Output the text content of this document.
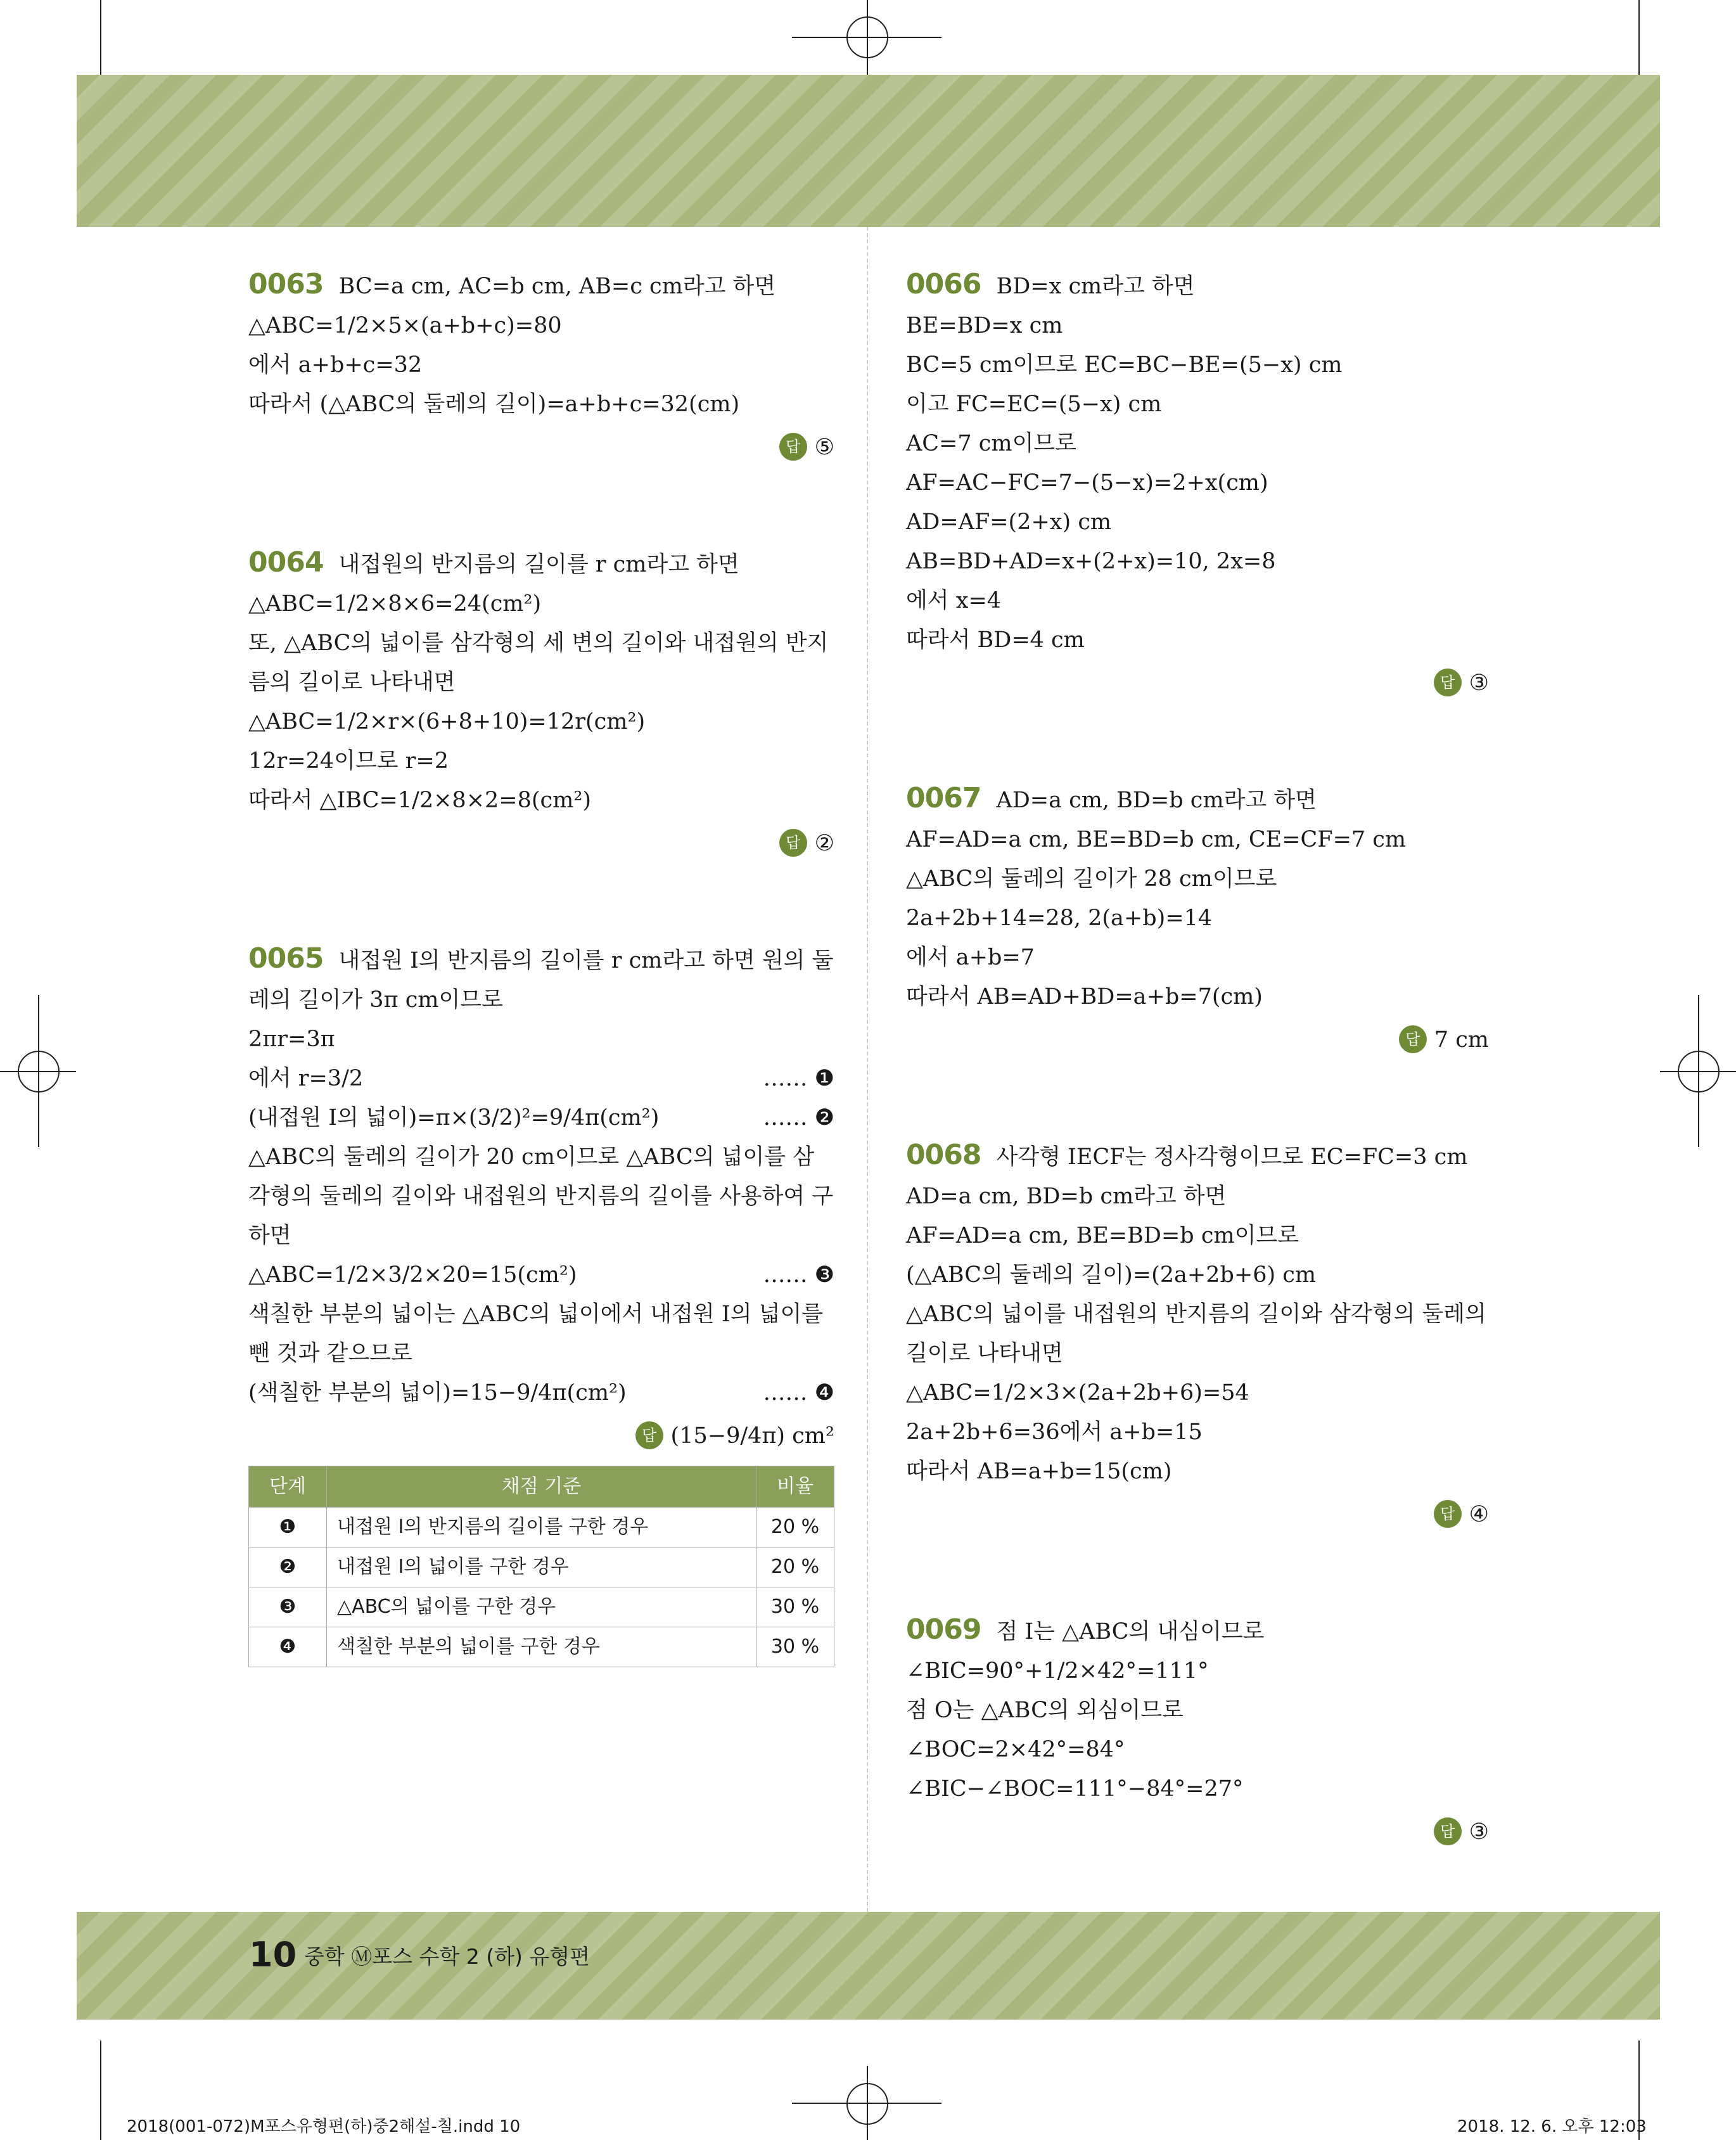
10 중학 Ⓜ포스 수학 2 (하) 유형편
2018(001-072)M포스유형편(하)중2해설-칠.indd 10	2018. 12. 6. 오후 12:03
0063 BC=a cm, AC=b cm, AB=c cm라고 하면
△ABC=1/2×5×(a+b+c)=80
에서 a+b+c=32
따라서 (△ABC의 둘레의 길이)=a+b+c=32(cm)
답 ⑤
0064 내접원의 반지름의 길이를 r cm라고 하면
△ABC=1/2×8×6=24(cm²)
또, △ABC의 넓이를 삼각형의 세 변의 길이와 내접원의 반지
름의 길이로 나타내면
△ABC=1/2×r×(6+8+10)=12r(cm²)
12r=24이므로 r=2
따라서 △IBC=1/2×8×2=8(cm²)
답 ②
0065 내접원 I의 반지름의 길이를 r cm라고 하면 원의 둘
레의 길이가 3π cm이므로
2πr=3π
에서 r=3/2	…… ❶
(내접원 I의 넓이)=π×(3/2)²=9/4π(cm²)	…… ❷
△ABC의 둘레의 길이가 20 cm이므로 △ABC의 넓이를 삼
각형의 둘레의 길이와 내접원의 반지름의 길이를 사용하여 구
하면
△ABC=1/2×3/2×20=15(cm²)	…… ❸
색칠한 부분의 넓이는 △ABC의 넓이에서 내접원 I의 넓이를
뺀 것과 같으므로
(색칠한 부분의 넓이)=15−9/4π(cm²)	…… ❹
답 (15−9/4π) cm²
단계	채점 기준	비율
❶	내접원 I의 반지름의 길이를 구한 경우	20 %
❷	내접원 I의 넓이를 구한 경우	20 %
❸	△ABC의 넓이를 구한 경우	30 %
❹	색칠한 부분의 넓이를 구한 경우	30 %
0066 BD=x cm라고 하면
BE=BD=x cm
BC=5 cm이므로 EC=BC−BE=(5−x) cm
이고 FC=EC=(5−x) cm
AC=7 cm이므로
AF=AC−FC=7−(5−x)=2+x(cm)
AD=AF=(2+x) cm
AB=BD+AD=x+(2+x)=10, 2x=8
에서 x=4
따라서 BD=4 cm
답 ③
0067 AD=a cm, BD=b cm라고 하면
AF=AD=a cm, BE=BD=b cm, CE=CF=7 cm
△ABC의 둘레의 길이가 28 cm이므로
2a+2b+14=28, 2(a+b)=14
에서 a+b=7
따라서 AB=AD+BD=a+b=7(cm)
답 7 cm
0068 사각형 IECF는 정사각형이므로 EC=FC=3 cm
AD=a cm, BD=b cm라고 하면
AF=AD=a cm, BE=BD=b cm이므로
(△ABC의 둘레의 길이)=(2a+2b+6) cm
△ABC의 넓이를 내접원의 반지름의 길이와 삼각형의 둘레의
길이로 나타내면
△ABC=1/2×3×(2a+2b+6)=54
2a+2b+6=36에서 a+b=15
따라서 AB=a+b=15(cm)
답 ④
0069 점 I는 △ABC의 내심이므로
∠BIC=90°+1/2×42°=111°
점 O는 △ABC의 외심이므로
∠BOC=2×42°=84°
∠BIC−∠BOC=111°−84°=27°
답 ③
